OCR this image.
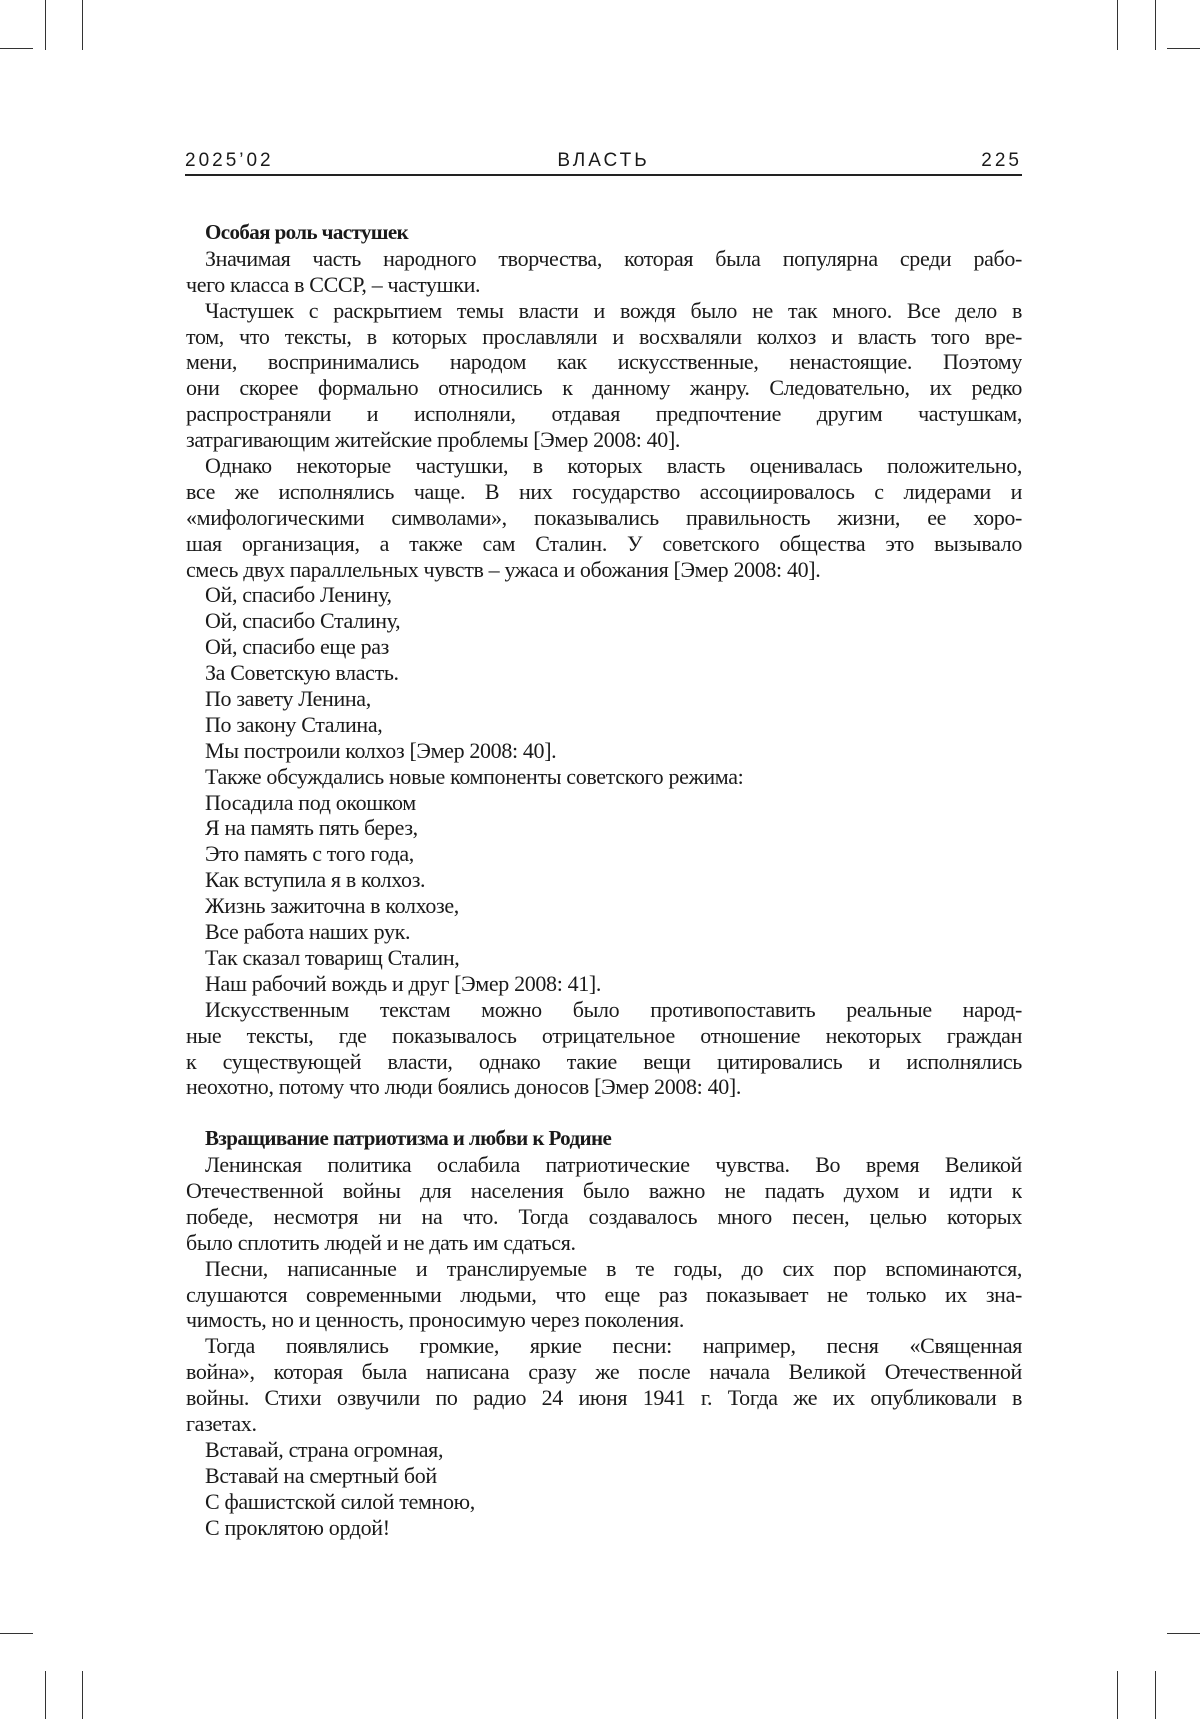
2025’02	ВЛАСТЬ	225
Особая роль частушек
Значимая часть народного творчества, которая была популярна среди рабо-
чего класса в СССР, – частушки.
Частушек с раскрытием темы власти и вождя было не так много. Все дело в
том, что тексты, в которых прославляли и восхваляли колхоз и власть того вре-
мени, воспринимались народом как искусственные, ненастоящие. Поэтому
они скорее формально относились к данному жанру. Следовательно, их редко
распространяли и исполняли, отдавая предпочтение другим частушкам,
затрагивающим житейские проблемы [Эмер 2008: 40].
Однако некоторые частушки, в которых власть оценивалась положительно,
все же исполнялись чаще. В них государство ассоциировалось с лидерами и
«мифологическими символами», показывались правильность жизни, ее хоро-
шая организация, а также сам Сталин. У советского общества это вызывало
смесь двух параллельных чувств – ужаса и обожания [Эмер 2008: 40].
Ой, спасибо Ленину,
Ой, спасибо Сталину,
Ой, спасибо еще раз
За Советскую власть.
По завету Ленина,
По закону Сталина,
Мы построили колхоз [Эмер 2008: 40].
Также обсуждались новые компоненты советского режима:
Посадила под окошком
Я на память пять берез,
Это память с того года,
Как вступила я в колхоз.
Жизнь зажиточна в колхозе,
Все работа наших рук.
Так сказал товарищ Сталин,
Наш рабочий вождь и друг [Эмер 2008: 41].
Искусственным текстам можно было противопоставить реальные народ-
ные тексты, где показывалось отрицательное отношение некоторых граждан
к существующей власти, однако такие вещи цитировались и исполнялись
неохотно, потому что люди боялись доносов [Эмер 2008: 40].
Взращивание патриотизма и любви к Родине
Ленинская политика ослабила патриотические чувства. Во время Великой
Отечественной войны для населения было важно не падать духом и идти к
победе, несмотря ни на что. Тогда создавалось много песен, целью которых
было сплотить людей и не дать им сдаться.
Песни, написанные и транслируемые в те годы, до сих пор вспоминаются,
слушаются современными людьми, что еще раз показывает не только их зна-
чимость, но и ценность, проносимую через поколения.
Тогда появлялись громкие, яркие песни: например, песня «Священная
война», которая была написана сразу же после начала Великой Отечественной
войны. Стихи озвучили по радио 24 июня 1941 г. Тогда же их опубликовали в
газетах.
Вставай, страна огромная,
Вставай на смертный бой
С фашистской силой темною,
С проклятою ордой!
